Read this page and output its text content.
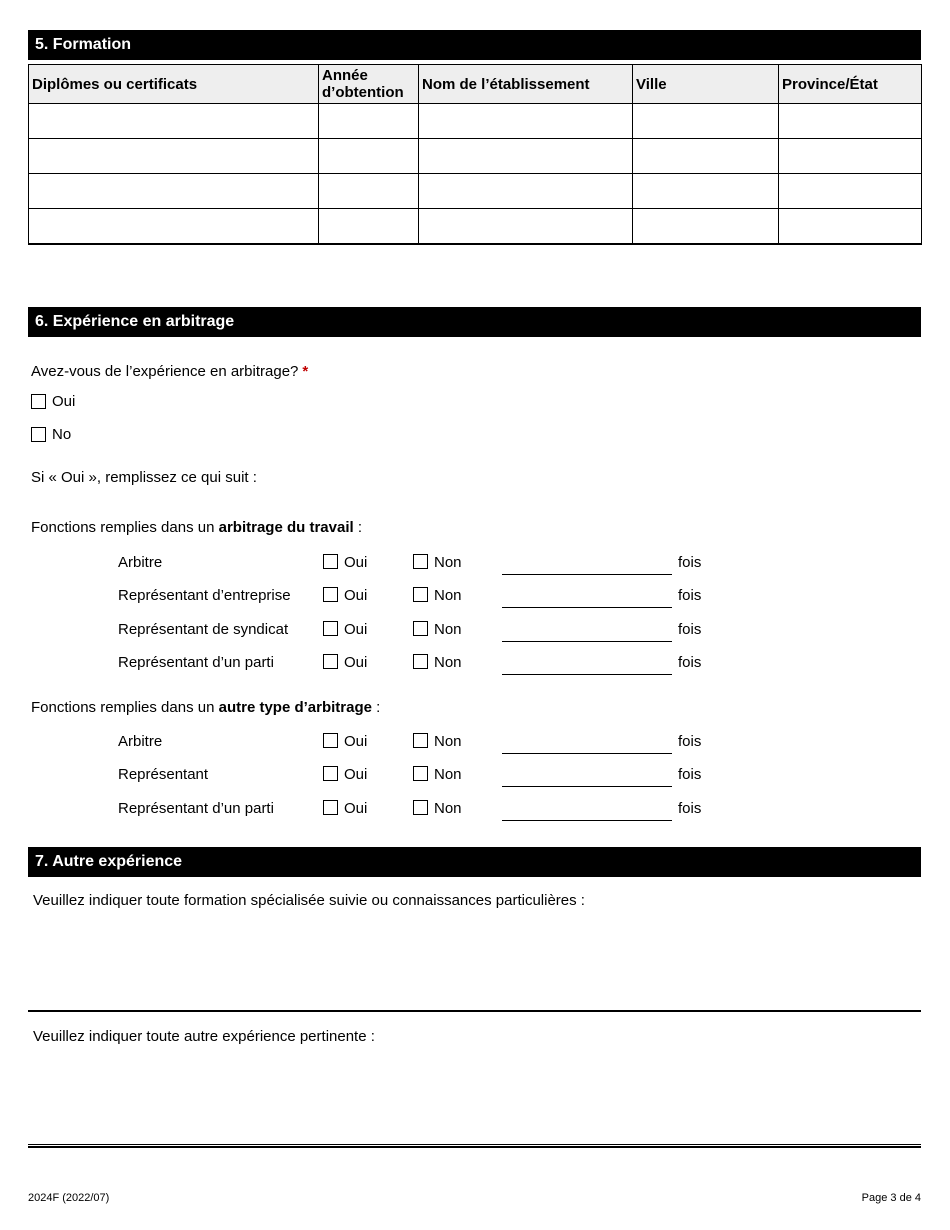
5. Formation
Diplômes ou certificats	Année d’obtention	Nom de l’établissement	Ville	Province/État

6. Expérience en arbitrage
Avez-vous de l’expérience en arbitrage? *
Oui
No
Si « Oui », remplissez ce qui suit :
Fonctions remplies dans un arbitrage du travail :
Arbitre	Oui	Non	fois
Représentant d’entreprise	Oui	Non	fois
Représentant de syndicat	Oui	Non	fois
Représentant d’un parti	Oui	Non	fois
Fonctions remplies dans un autre type d’arbitrage :
Arbitre	Oui	Non	fois
Représentant	Oui	Non	fois
Représentant d’un parti	Oui	Non	fois
7. Autre expérience
Veuillez indiquer toute formation spécialisée suivie ou connaissances particulières :
Veuillez indiquer toute autre expérience pertinente :
2024F (2022/07)	Page 3 de 4
